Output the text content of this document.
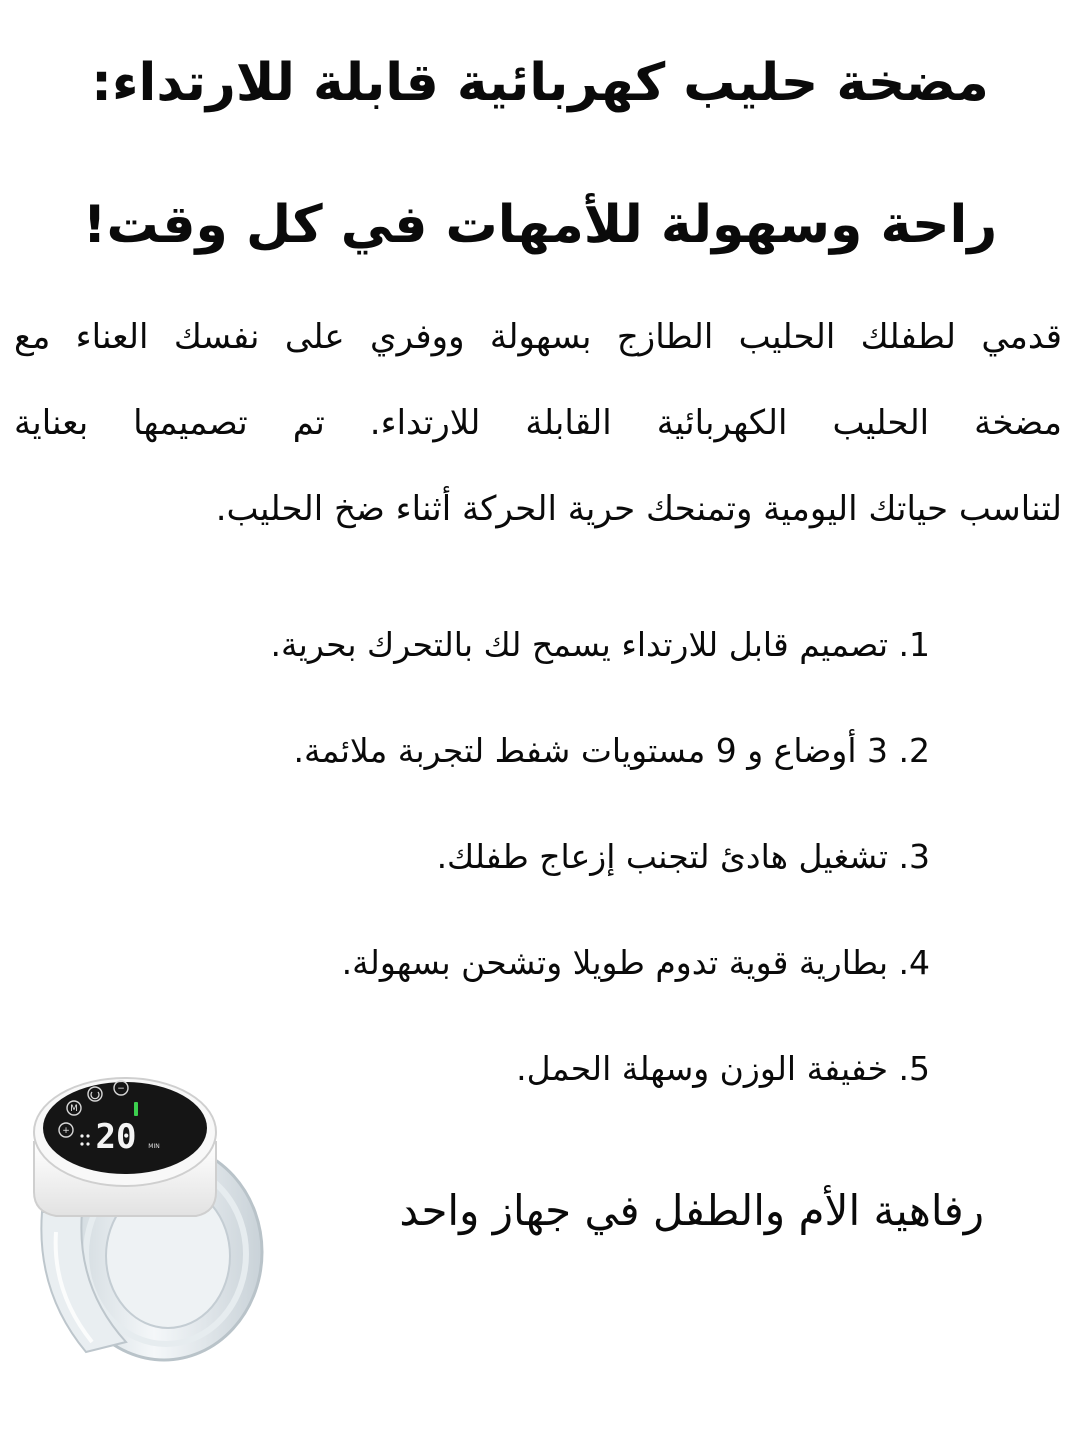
مضخة حليب كهربائية قابلة للارتداء:
راحة وسهولة للأمهات في كل وقت!
قدمي لطفلك الحليب الطازج بسهولة ووفري على نفسك العناء مع
مضخة الحليب الكهربائية القابلة للارتداء. تم تصميمها بعناية
لتناسب حياتك اليومية وتمنحك حرية الحركة أثناء ضخ الحليب.
1. تصميم قابل للارتداء يسمح لك بالتحرك بحرية.
2. 3 أوضاع و 9 مستويات شفط لتجربة ملائمة.
3. تشغيل هادئ لتجنب إزعاج طفلك.
4. بطارية قوية تدوم طويلا وتشحن بسهولة.
5. خفيفة الوزن وسهلة الحمل.
رفاهية الأم والطفل في جهاز واحد
+
M
−
20 MIN
